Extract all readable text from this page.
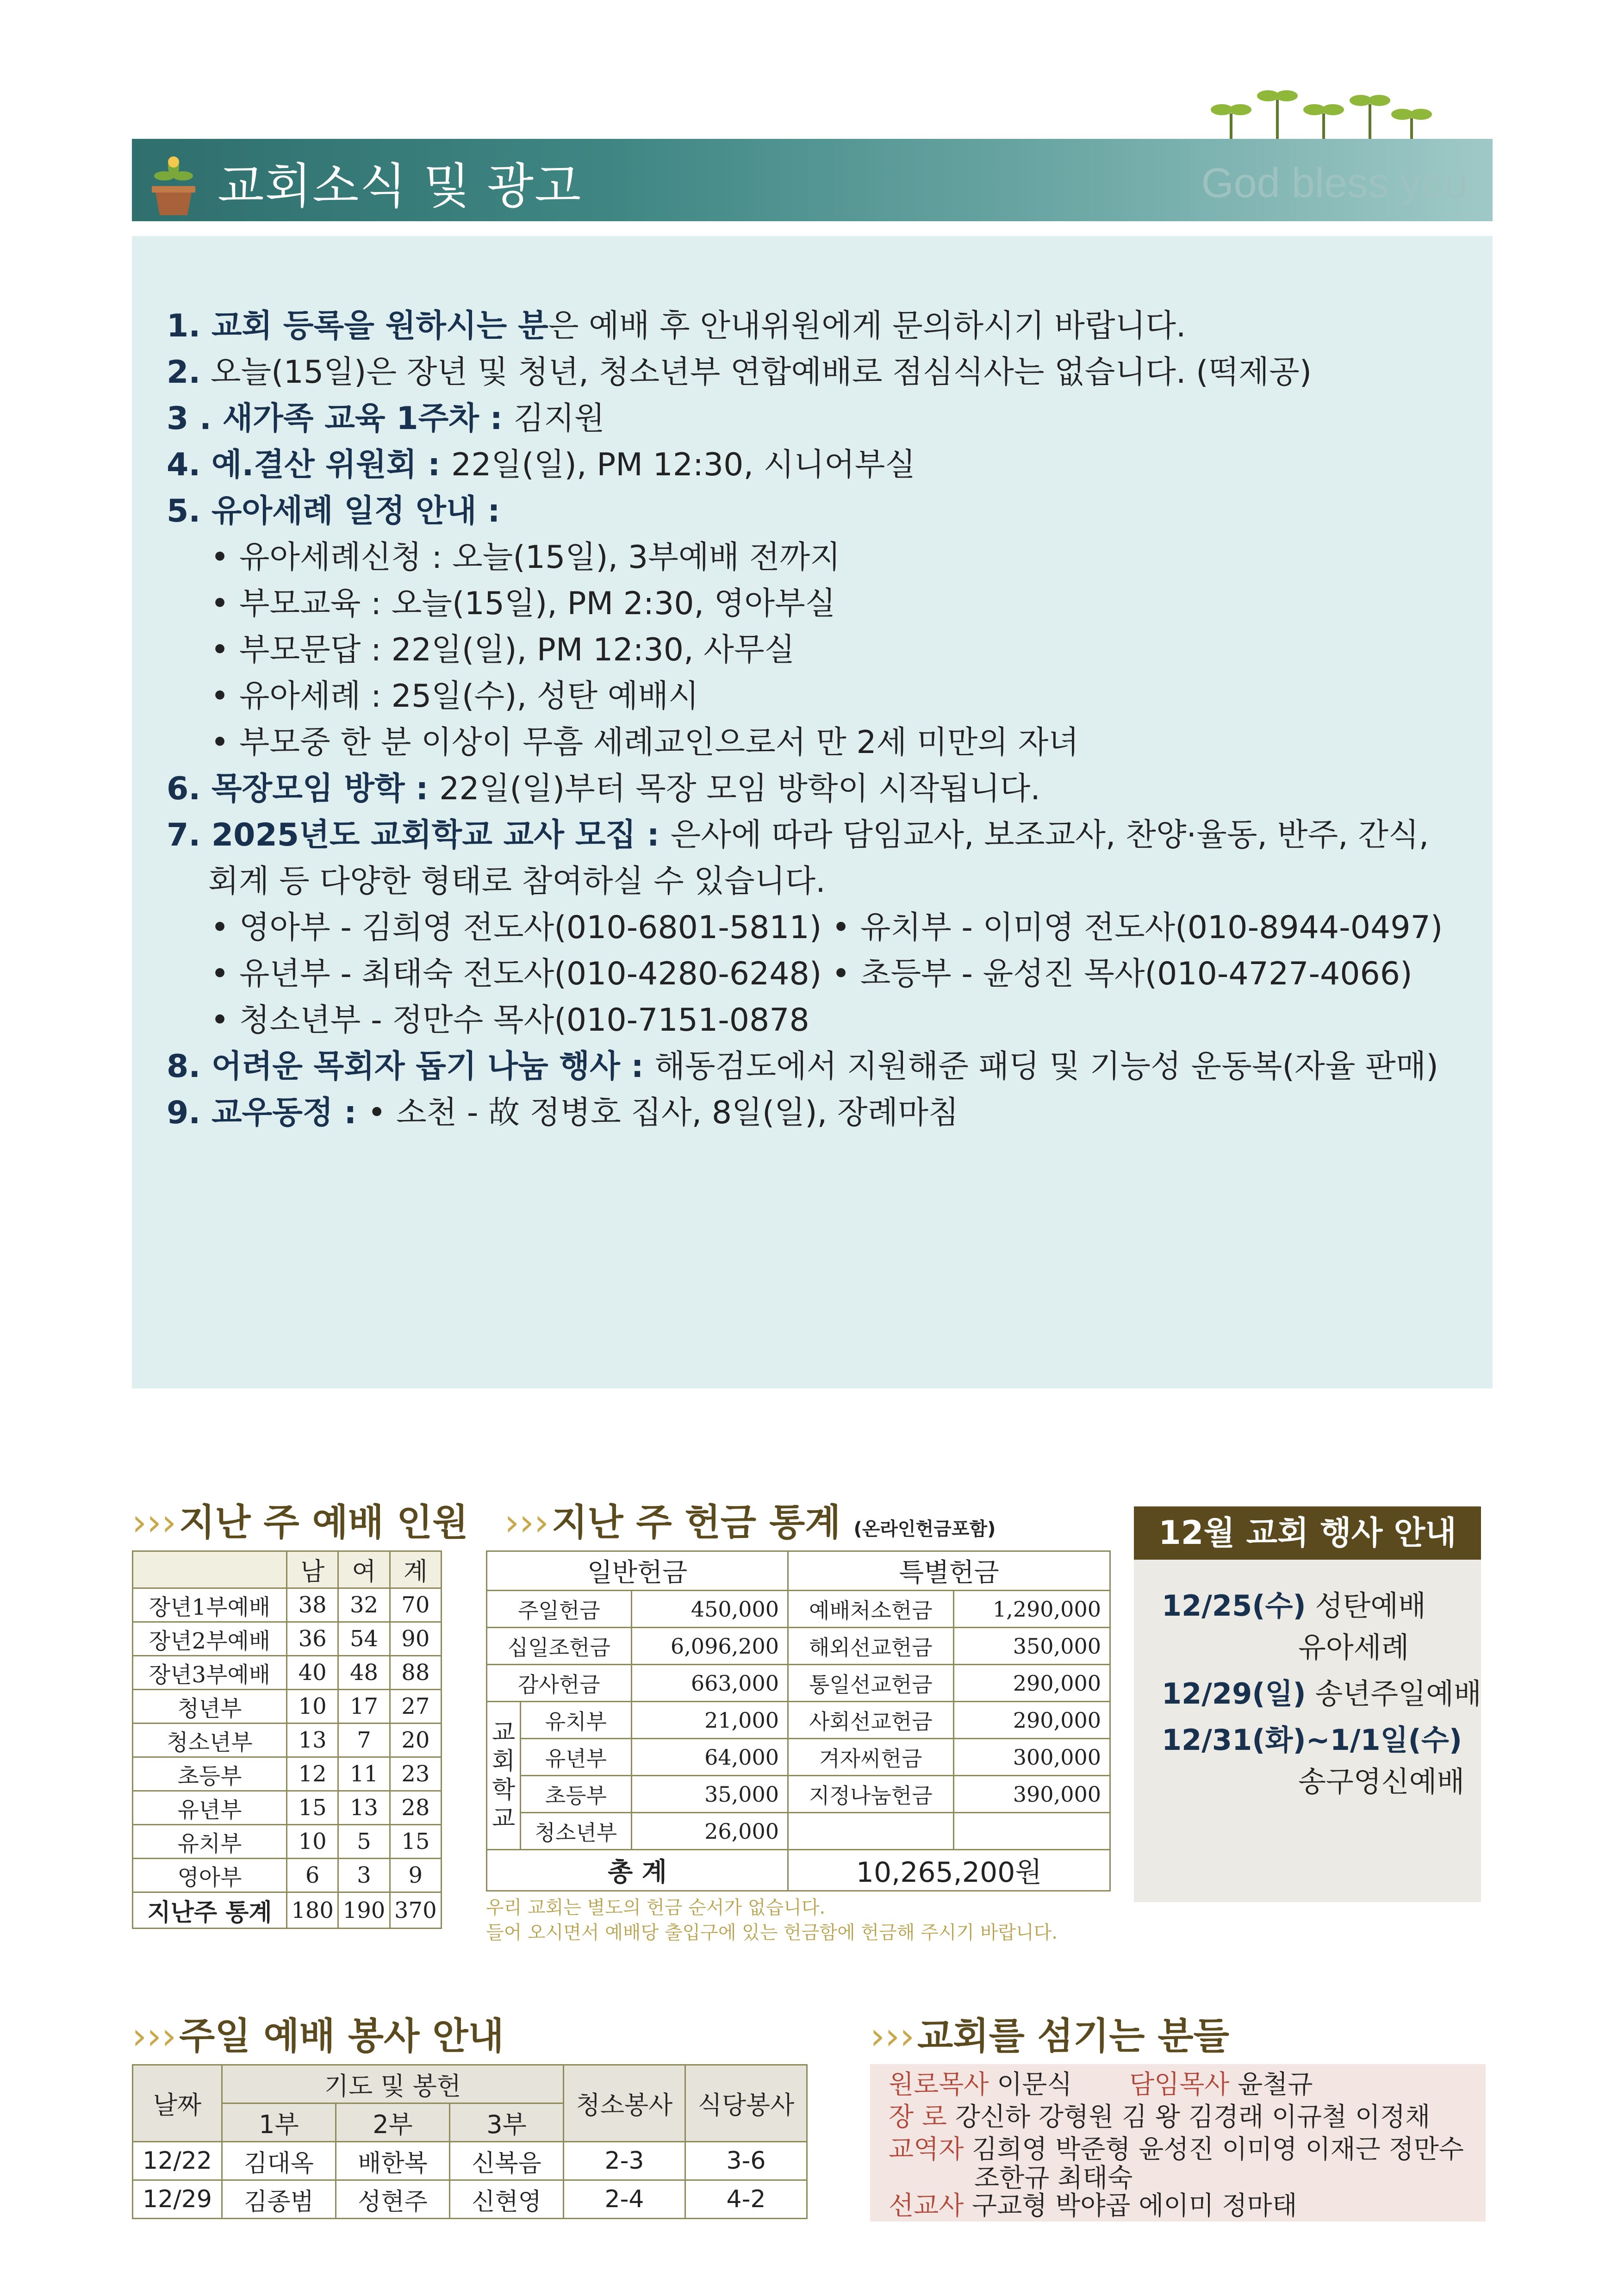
교회소식 및 광고	God bless you
1. 교회 등록을 원하시는 분은 예배 후 안내위원에게 문의하시기 바랍니다.
2. 오늘(15일)은 장년 및 청년, 청소년부 연합예배로 점심식사는 없습니다. (떡제공)
3 . 새가족 교육 1주차 : 김지원
4. 예.결산 위원회 : 22일(일), PM 12:30, 시니어부실
5. 유아세례 일정 안내 :
• 유아세례신청 : 오늘(15일), 3부예배 전까지
• 부모교육 : 오늘(15일), PM 2:30, 영아부실
• 부모문답 : 22일(일), PM 12:30, 사무실
• 유아세례 : 25일(수), 성탄 예배시
• 부모중 한 분 이상이 무흠 세례교인으로서 만 2세 미만의 자녀
6. 목장모임 방학 : 22일(일)부터 목장 모임 방학이 시작됩니다.
7. 2025년도 교회학교 교사 모집 : 은사에 따라 담임교사, 보조교사, 찬양·율동, 반주, 간식,
회계 등 다양한 형태로 참여하실 수 있습니다.
• 영아부 - 김희영 전도사(010-6801-5811) • 유치부 - 이미영 전도사(010-8944-0497)
• 유년부 - 최태숙 전도사(010-4280-6248) • 초등부 - 윤성진 목사(010-4727-4066)
• 청소년부 - 정만수 목사(010-7151-0878
8. 어려운 목회자 돕기 나눔 행사 : 해동검도에서 지원해준 패딩 및 기능성 운동복(자율 판매)
9. 교우동정 : • 소천 - 故 정병호 집사, 8일(일), 장례마침
›››지난 주 예배 인원
	남	여	계
장년1부예배	38	32	70
장년2부예배	36	54	90
장년3부예배	40	48	88
청년부	10	17	27
청소년부	13	7	20
초등부	12	11	23
유년부	15	13	28
유치부	10	5	15
영아부	6	3	9
지난주 통계	180	190	370
›››지난 주 헌금 통계 (온라인헌금포함)
일반헌금			특별헌금	
주일헌금		450,000	예배처소헌금	1,290,000
십일조헌금		6,096,200	해외선교헌금	350,000
감사헌금		663,000	통일선교헌금	290,000

교
회
학
교	유치부	21,000	사회선교헌금	290,000
	유년부	64,000	겨자씨헌금	300,000
	초등부	35,000	지정나눔헌금	390,000
	청소년부	26,000		
총 계			10,265,200원	
우리 교회는 별도의 헌금 순서가 없습니다.
들어 오시면서 예배당 출입구에 있는 헌금함에 헌금해 주시기 바랍니다.
12월 교회 행사 안내
12/25(수) 성탄예배
유아세례
12/29(일) 송년주일예배
12/31(화)~1/1일(수)
송구영신예배
›››주일 예배 봉사 안내
날짜	기도 및 봉헌			청소봉사	식당봉사
	1부	2부	3부		
12/22	김대옥	배한복	신복음	2-3	3-6
12/29	김종범	성현주	신현영	2-4	4-2
›››교회를 섬기는 분들
원로목사 이문식 담임목사 윤철규
장 로 강신하 강형원 김 왕 김경래 이규철 이정채
교역자 김희영 박준형 윤성진 이미영 이재근 정만수
조한규 최태숙
선교사 구교형 박야곱 에이미 정마태
